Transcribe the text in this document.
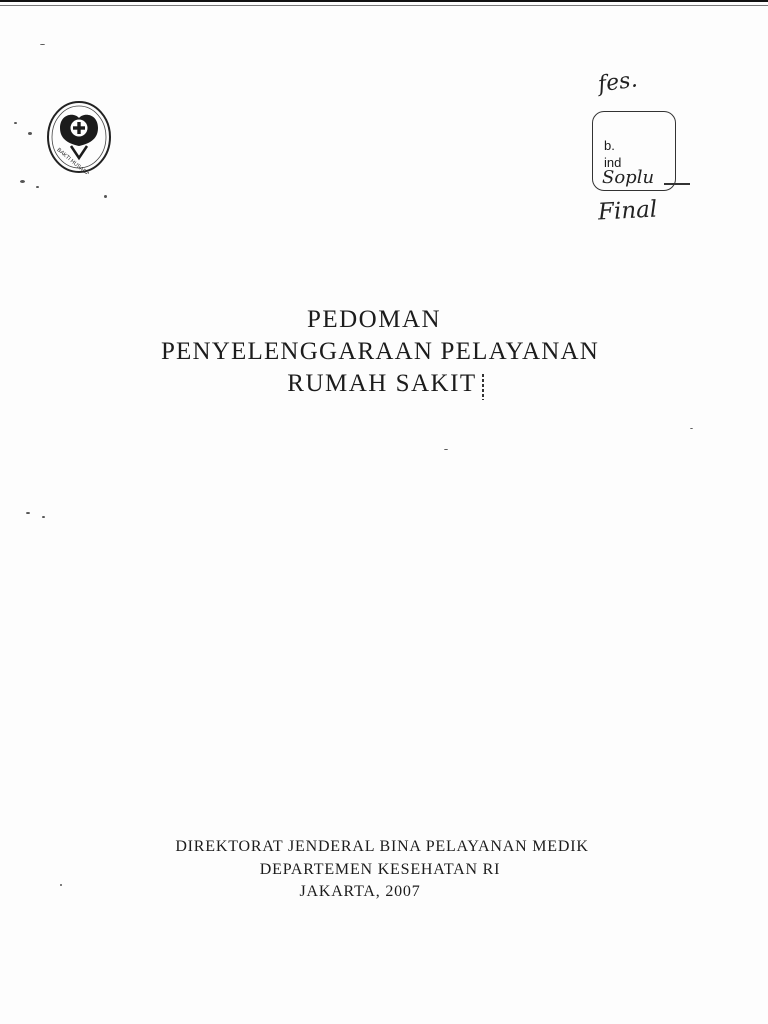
BAKTI HUSADA
fes.
b.
ind
Soplu
Final
PEDOMAN
PENYELENGGARAAN PELAYANAN
RUMAH SAKIT
DIREKTORAT JENDERAL BINA PELAYANAN MEDIK
DEPARTEMEN KESEHATAN RI
JAKARTA, 2007
